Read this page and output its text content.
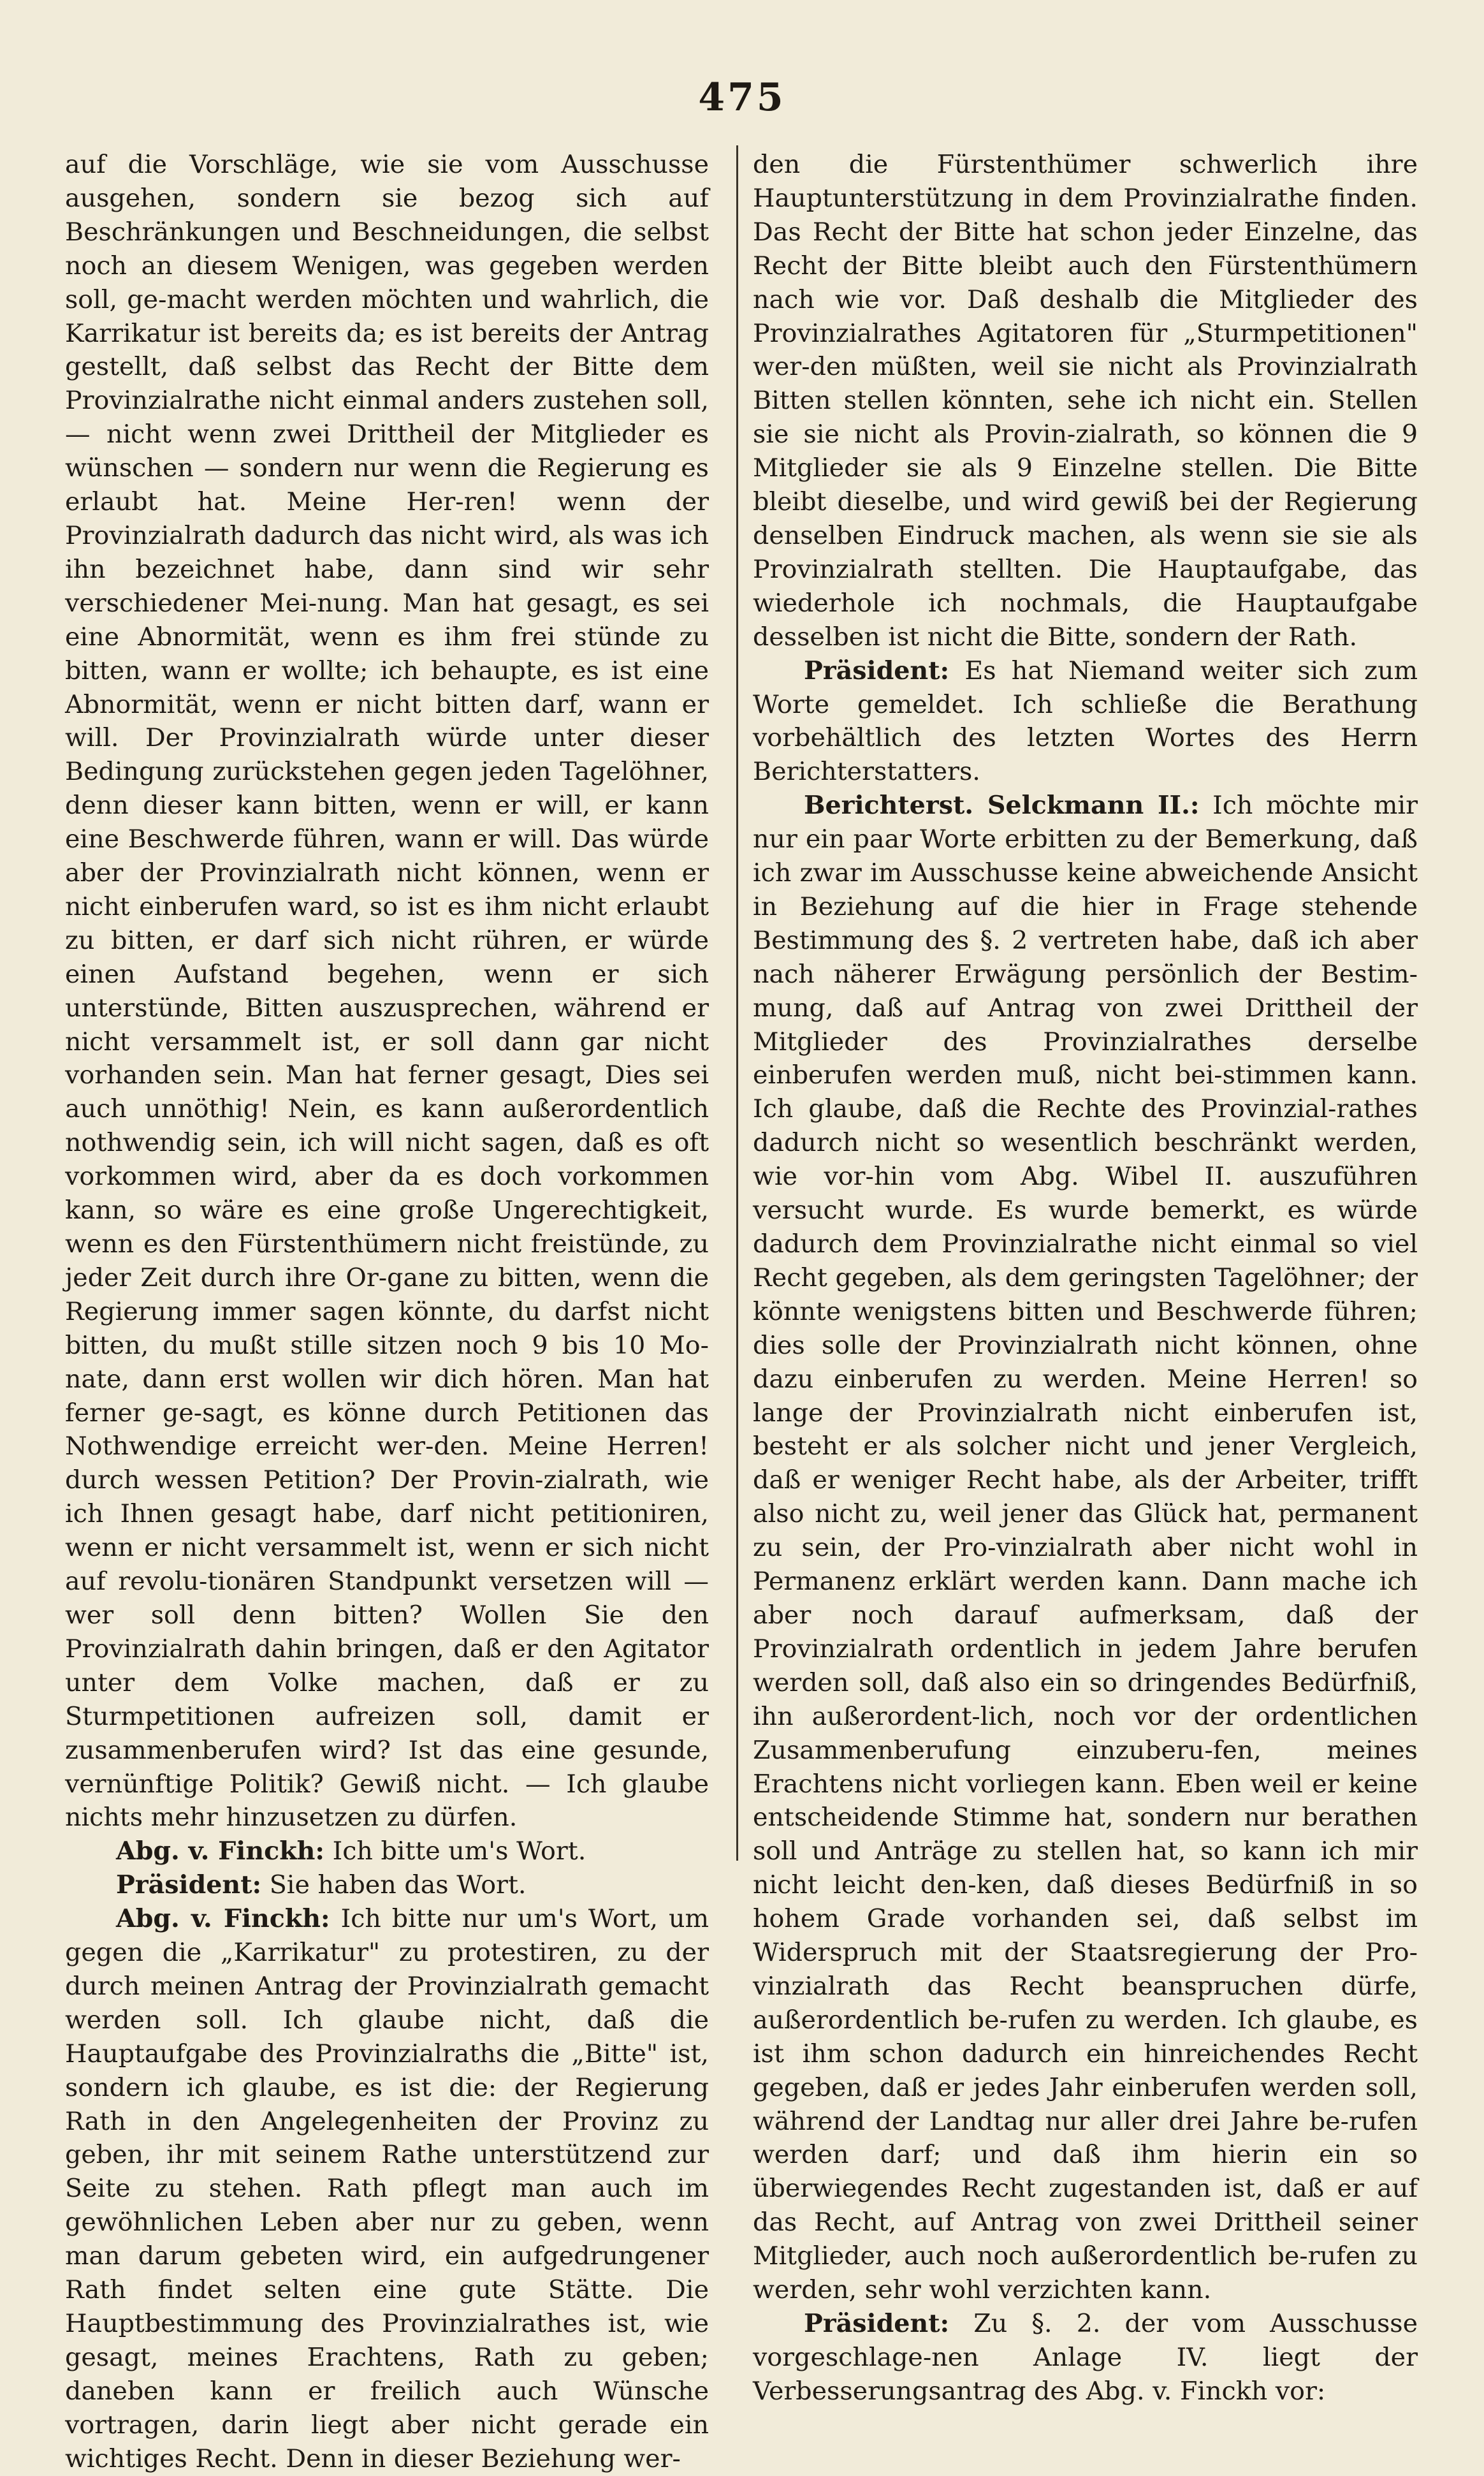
475

auf die Vorschläge, wie sie vom Ausschusse ausgehen, sondern sie bezog sich auf Beschränkungen und Beschneidungen, die selbst noch an diesem Wenigen, was gegeben werden soll, ge-macht werden möchten und wahrlich, die Karrikatur ist bereits da; es ist bereits der Antrag gestellt, daß selbst das Recht der Bitte dem Provinzialrathe nicht einmal anders zustehen soll, — nicht wenn zwei Drittheil der Mitglieder es wünschen — sondern nur wenn die Regierung es erlaubt hat. Meine Her-ren! wenn der Provinzialrath dadurch das nicht wird, als was ich ihn bezeichnet habe, dann sind wir sehr verschiedener Mei-nung. Man hat gesagt, es sei eine Abnormität, wenn es ihm frei stünde zu bitten, wann er wollte; ich behaupte, es ist eine Abnormität, wenn er nicht bitten darf, wann er will. Der Provinzialrath würde unter dieser Bedingung zurückstehen gegen jeden Tagelöhner, denn dieser kann bitten, wenn er will, er kann eine Beschwerde führen, wann er will. Das würde aber der Provinzialrath nicht können, wenn er nicht einberufen ward, so ist es ihm nicht erlaubt zu bitten, er darf sich nicht rühren, er würde einen Aufstand begehen, wenn er sich unterstünde, Bitten auszusprechen, während er nicht versammelt ist, er soll dann gar nicht vorhanden sein. Man hat ferner gesagt, Dies sei auch unnöthig! Nein, es kann außerordentlich nothwendig sein, ich will nicht sagen, daß es oft vorkommen wird, aber da es doch vorkommen kann, so wäre es eine große Ungerechtigkeit, wenn es den Fürstenthümern nicht freistünde, zu jeder Zeit durch ihre Or-gane zu bitten, wenn die Regierung immer sagen könnte, du darfst nicht bitten, du mußt stille sitzen noch 9 bis 10 Mo-nate, dann erst wollen wir dich hören. Man hat ferner ge-sagt, es könne durch Petitionen das Nothwendige erreicht wer-den. Meine Herren! durch wessen Petition? Der Provin-zialrath, wie ich Ihnen gesagt habe, darf nicht petitioniren, wenn er nicht versammelt ist, wenn er sich nicht auf revolu-tionären Standpunkt versetzen will — wer soll denn bitten? Wollen Sie den Provinzialrath dahin bringen, daß er den Agitator unter dem Volke machen, daß er zu Sturmpetitionen aufreizen soll, damit er zusammenberufen wird? Ist das eine gesunde, vernünftige Politik? Gewiß nicht. — Ich glaube nichts mehr hinzusetzen zu dürfen.

Abg. v. Finckh: Ich bitte um's Wort.

Präsident: Sie haben das Wort.

Abg. v. Finckh: Ich bitte nur um's Wort, um gegen die „Karrikatur" zu protestiren, zu der durch meinen Antrag der Provinzialrath gemacht werden soll. Ich glaube nicht, daß die Hauptaufgabe des Provinzialraths die „Bitte" ist, sondern ich glaube, es ist die: der Regierung Rath in den Angelegenheiten der Provinz zu geben, ihr mit seinem Rathe unterstützend zur Seite zu stehen. Rath pflegt man auch im gewöhnlichen Leben aber nur zu geben, wenn man darum gebeten wird, ein aufgedrungener Rath findet selten eine gute Stätte. Die Hauptbestimmung des Provinzialrathes ist, wie gesagt, meines Erachtens, Rath zu geben; daneben kann er freilich auch Wünsche vortragen, darin liegt aber nicht gerade ein wichtiges Recht. Denn in dieser Beziehung wer-

den die Fürstenthümer schwerlich ihre Hauptunterstützung in dem Provinzialrathe finden. Das Recht der Bitte hat schon jeder Einzelne, das Recht der Bitte bleibt auch den Fürstenthümern nach wie vor. Daß deshalb die Mitglieder des Provinzialrathes Agitatoren für „Sturmpetitionen" wer-den müßten, weil sie nicht als Provinzialrath Bitten stellen könnten, sehe ich nicht ein. Stellen sie sie nicht als Provin-zialrath, so können die 9 Mitglieder sie als 9 Einzelne stellen. Die Bitte bleibt dieselbe, und wird gewiß bei der Regierung denselben Eindruck machen, als wenn sie sie als Provinzialrath stellten. Die Hauptaufgabe, das wiederhole ich nochmals, die Hauptaufgabe desselben ist nicht die Bitte, sondern der Rath.

Präsident: Es hat Niemand weiter sich zum Worte gemeldet. Ich schließe die Berathung vorbehältlich des letzten Wortes des Herrn Berichterstatters.

Berichterst. Selckmann II.: Ich möchte mir nur ein paar Worte erbitten zu der Bemerkung, daß ich zwar im Ausschusse keine abweichende Ansicht in Beziehung auf die hier in Frage stehende Bestimmung des §. 2 vertreten habe, daß ich aber nach näherer Erwägung persönlich der Bestim-mung, daß auf Antrag von zwei Drittheil der Mitglieder des Provinzialrathes derselbe einberufen werden muß, nicht bei-stimmen kann. Ich glaube, daß die Rechte des Provinzial-rathes dadurch nicht so wesentlich beschränkt werden, wie vor-hin vom Abg. Wibel II. auszuführen versucht wurde. Es wurde bemerkt, es würde dadurch dem Provinzialrathe nicht einmal so viel Recht gegeben, als dem geringsten Tagelöhner; der könnte wenigstens bitten und Beschwerde führen; dies solle der Provinzialrath nicht können, ohne dazu einberufen zu werden. Meine Herren! so lange der Provinzialrath nicht einberufen ist, besteht er als solcher nicht und jener Vergleich, daß er weniger Recht habe, als der Arbeiter, trifft also nicht zu, weil jener das Glück hat, permanent zu sein, der Pro-vinzialrath aber nicht wohl in Permanenz erklärt werden kann. Dann mache ich aber noch darauf aufmerksam, daß der Provinzialrath ordentlich in jedem Jahre berufen werden soll, daß also ein so dringendes Bedürfniß, ihn außerordent-lich, noch vor der ordentlichen Zusammenberufung einzuberu-fen, meines Erachtens nicht vorliegen kann. Eben weil er keine entscheidende Stimme hat, sondern nur berathen soll und Anträge zu stellen hat, so kann ich mir nicht leicht den-ken, daß dieses Bedürfniß in so hohem Grade vorhanden sei, daß selbst im Widerspruch mit der Staatsregierung der Pro-vinzialrath das Recht beanspruchen dürfe, außerordentlich be-rufen zu werden. Ich glaube, es ist ihm schon dadurch ein hinreichendes Recht gegeben, daß er jedes Jahr einberufen werden soll, während der Landtag nur aller drei Jahre be-rufen werden darf; und daß ihm hierin ein so überwiegendes Recht zugestanden ist, daß er auf das Recht, auf Antrag von zwei Drittheil seiner Mitglieder, auch noch außerordentlich be-rufen zu werden, sehr wohl verzichten kann.

Präsident: Zu §. 2. der vom Ausschusse vorgeschlage-nen Anlage IV. liegt der Verbesserungsantrag des Abg. v. Finckh vor:
